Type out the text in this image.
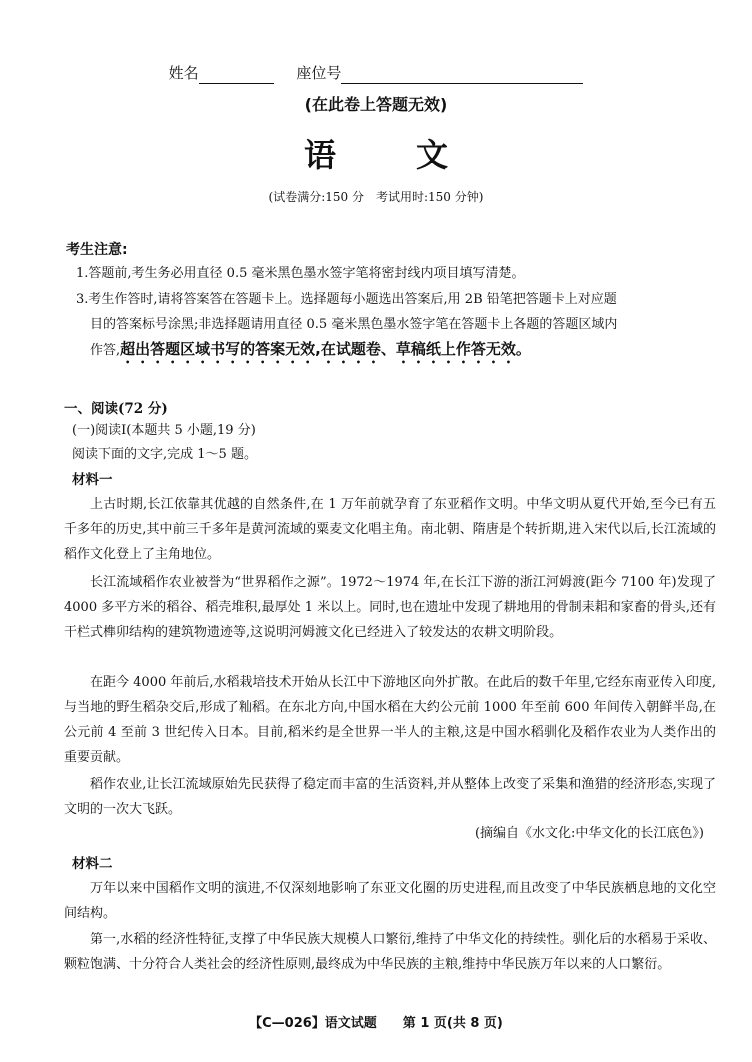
姓名	座位号
(在此卷上答题无效)
语文
(试卷满分:150 分　考试用时:150 分钟)
考生注意:
1.答题前,考生务必用直径 0.5 毫米黑色墨水签字笔将密封线内项目填写清楚。
3.考生作答时,请将答案答在答题卡上。选择题每小题选出答案后,用 2B 铅笔把答题卡上对应题
目的答案标号涂黑;非选择题请用直径 0.5 毫米黑色墨水签字笔在答题卡上各题的答题区域内
作答,超出答题区域书写的答案无效,在试题卷、草稿纸上作答无效。
一、阅读(72 分)
(一)阅读Ⅰ(本题共 5 小题,19 分)
阅读下面的文字,完成 1～5 题。
材料一

上古时期,长江依靠其优越的自然条件,在 1 万年前就孕育了东亚稻作文明。中华文明从夏代开始,至今已有五千多年的历史,其中前三千多年是黄河流域的粟麦文化唱主角。南北朝、隋唐是个转折期,进入宋代以后,长江流域的稻作文化登上了主角地位。

长江流域稻作农业被誉为“世界稻作之源”。1972～1974 年,在长江下游的浙江河姆渡(距今 7100 年)发现了 4000 多平方米的稻谷、稻壳堆积,最厚处 1 米以上。同时,也在遗址中发现了耕地用的骨制耒耜和家畜的骨头,还有干栏式榫卯结构的建筑物遗迹等,这说明河姆渡文化已经进入了较发达的农耕文明阶段。

在距今 4000 年前后,水稻栽培技术开始从长江中下游地区向外扩散。在此后的数千年里,它经东南亚传入印度,与当地的野生稻杂交后,形成了籼稻。在东北方向,中国水稻在大约公元前 1000 年至前 600 年间传入朝鲜半岛,在公元前 4 至前 3 世纪传入日本。目前,稻米约是全世界一半人的主粮,这是中国水稻驯化及稻作农业为人类作出的重要贡献。

稻作农业,让长江流域原始先民获得了稳定而丰富的生活资料,并从整体上改变了采集和渔猎的经济形态,实现了文明的一次大飞跃。

(摘编自《水文化:中华文化的长江底色》)
材料二

万年以来中国稻作文明的演进,不仅深刻地影响了东亚文化圈的历史进程,而且改变了中华民族栖息地的文化空间结构。

第一,水稻的经济性特征,支撑了中华民族大规模人口繁衍,维持了中华文化的持续性。驯化后的水稻易于采收、颗粒饱满、十分符合人类社会的经济性原则,最终成为中华民族的主粮,维持中华民族万年以来的人口繁衍。

【C—026】语文试题 第 1 页(共 8 页)
